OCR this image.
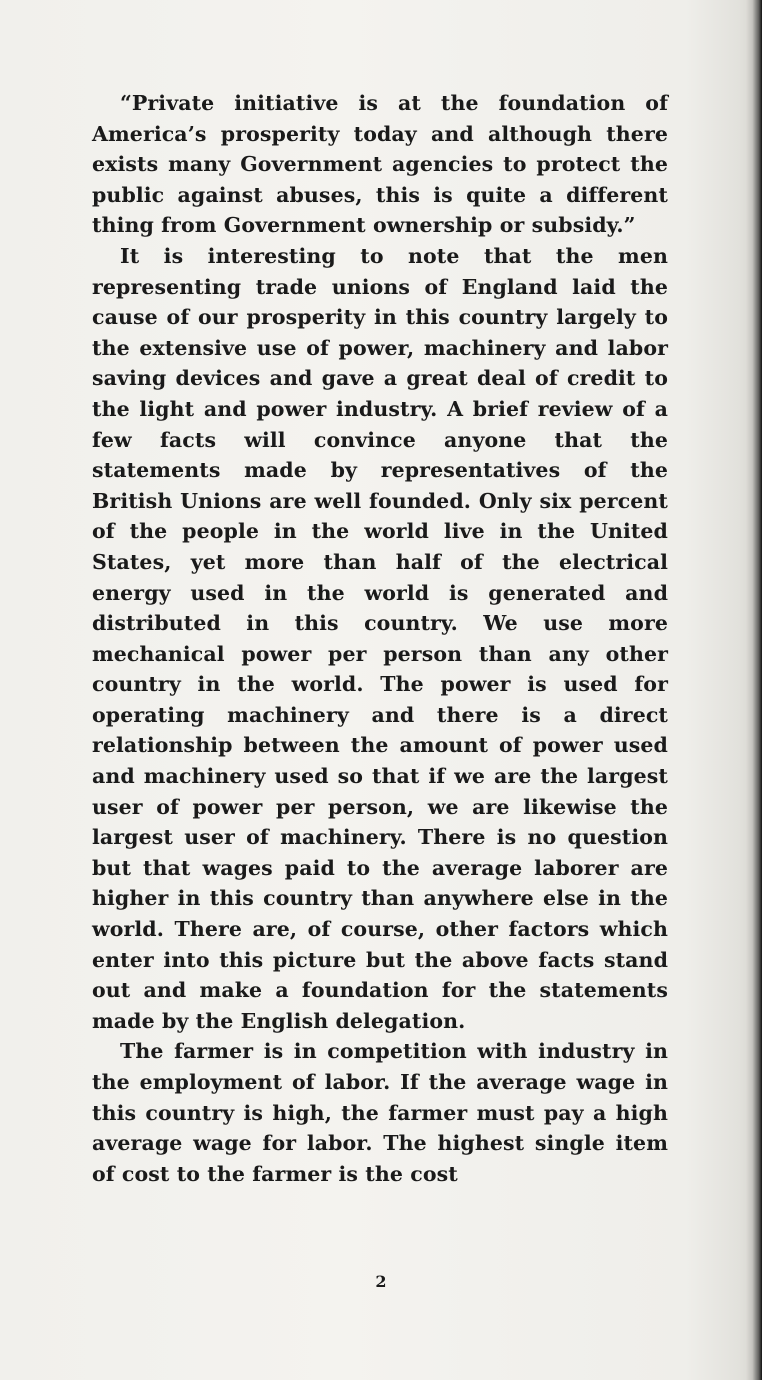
“Private initiative is at the foundation of America’s prosperity today and although there exists many Government agencies to protect the public against abuses, this is quite a different thing from Government ownership or subsidy.”

It is interesting to note that the men representing trade unions of England laid the cause of our prosperity in this country largely to the extensive use of power, machinery and labor saving devices and gave a great deal of credit to the light and power industry. A brief review of a few facts will convince anyone that the statements made by representatives of the British Unions are well founded. Only six percent of the people in the world live in the United States, yet more than half of the electrical energy used in the world is generated and distributed in this country. We use more mechanical power per person than any other country in the world. The power is used for operating machinery and there is a direct relationship between the amount of power used and machinery used so that if we are the largest user of power per person, we are likewise the largest user of machinery. There is no question but that wages paid to the average laborer are higher in this country than anywhere else in the world. There are, of course, other factors which enter into this picture but the above facts stand out and make a foundation for the statements made by the English delegation.

The farmer is in competition with industry in the employment of labor. If the average wage in this country is high, the farmer must pay a high average wage for labor. The highest single item of cost to the farmer is the cost

2
